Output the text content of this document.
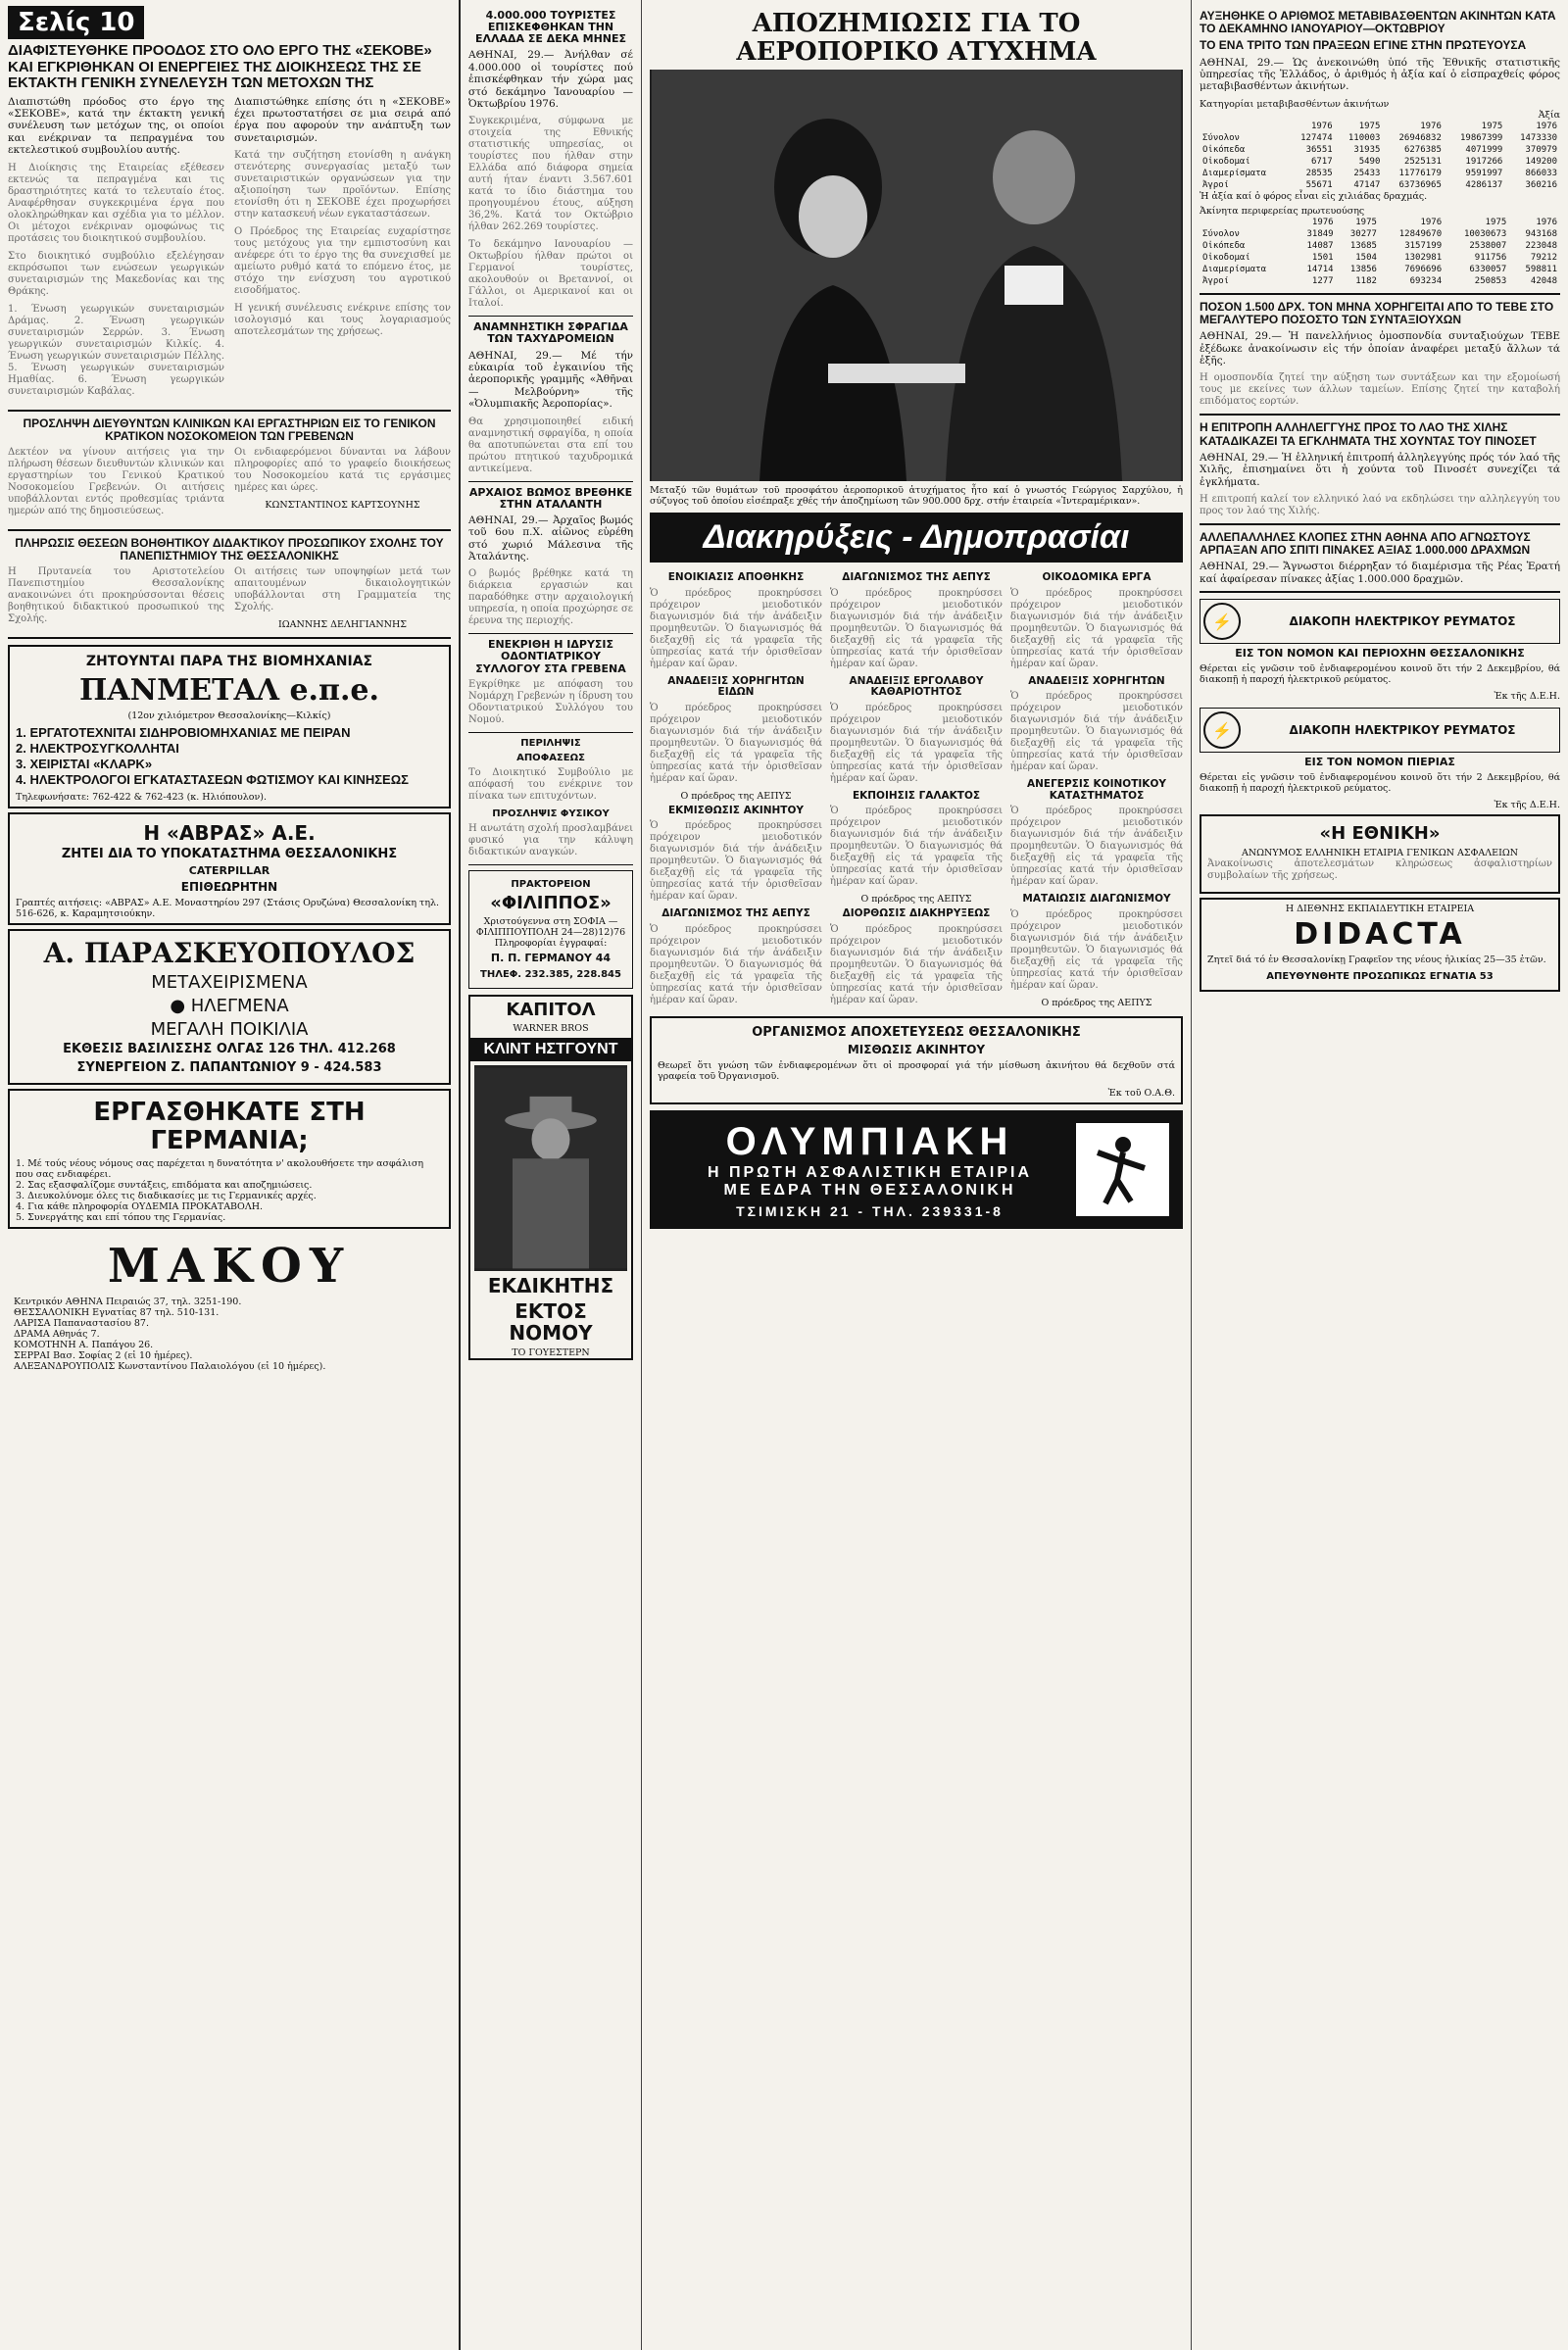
Σελίς 10
ΔΙΑΦΙΣΤΕΥΘΗΚΕ ΠΡΟΟΔΟΣ ΣΤΟ ΟΛΟ ΕΡΓΟ ΤΗΣ «ΣΕΚΟΒΕ» ΚΑΙ ΕΓΚΡΙΘΗΚΑΝ ΟΙ ΕΝΕΡΓΕΙΕΣ ΤΗΣ ΔΙΟΙΚΗΣΕΩΣ ΤΗΣ ΣΕ ΕΚΤΑΚΤΗ ΓΕΝΙΚΗ ΣΥΝΕΛΕΥΣΗ ΤΩΝ ΜΕΤΟΧΩΝ ΤΗΣ

Διαπιστώθη πρόοδος στο έργο της «ΣΕΚΟΒΕ», κατά την έκτακτη γενική συνέλευση των μετόχων της, οι οποίοι και ενέκριναν τα πεπραγμένα του εκτελεστικού συμβουλίου αυτής.

Η Διοίκησις της Εταιρείας εξέθεσεν εκτενώς τα πεπραγμένα και τις δραστηριότητες κατά το τελευταίο έτος. Αναφέρθησαν συγκεκριμένα έργα που ολοκληρώθηκαν και σχέδια για το μέλλον. Οι μέτοχοι ενέκριναν ομοφώνως τις προτάσεις του διοικητικού συμβουλίου.

Στο διοικητικό συμβούλιο εξελέγησαν εκπρόσωποι των ενώσεων γεωργικών συνεταιρισμών της Μακεδονίας και της Θράκης.

1. Ένωση γεωργικών συνεταιρισμών Δράμας. 2. Ένωση γεωργικών συνεταιρισμών Σερρών. 3. Ένωση γεωργικών συνεταιρισμών Κιλκίς. 4. Ένωση γεωργικών συνεταιρισμών Πέλλης. 5. Ένωση γεωργικών συνεταιρισμών Ημαθίας. 6. Ένωση γεωργικών συνεταιρισμών Καβάλας.

Διαπιστώθηκε επίσης ότι η «ΣΕΚΟΒΕ» έχει πρωτοστατήσει σε μια σειρά από έργα που αφορούν την ανάπτυξη των συνεταιρισμών.

Κατά την συζήτηση ετονίσθη η ανάγκη στενότερης συνεργασίας μεταξύ των συνεταιριστικών οργανώσεων για την αξιοποίηση των προϊόντων. Επίσης ετονίσθη ότι η ΣΕΚΟΒΕ έχει προχωρήσει στην κατασκευή νέων εγκαταστάσεων.

Ο Πρόεδρος της Εταιρείας ευχαρίστησε τους μετόχους για την εμπιστοσύνη και ανέφερε ότι το έργο της θα συνεχισθεί με αμείωτο ρυθμό κατά το επόμενο έτος, με στόχο την ενίσχυση του αγροτικού εισοδήματος.

Η γενική συνέλευσις ενέκρινε επίσης τον ισολογισμό και τους λογαριασμούς αποτελεσμάτων της χρήσεως.

ΠΡΟΣΛΗΨΗ ΔΙΕΥΘΥΝΤΩΝ ΚΛΙΝΙΚΩΝ ΚΑΙ ΕΡΓΑΣΤΗΡΙΩΝ ΕΙΣ ΤΟ ΓΕΝΙΚΟΝ ΚΡΑΤΙΚΟΝ ΝΟΣΟΚΟΜΕΙΟΝ ΤΩΝ ΓΡΕΒΕΝΩΝ

Δεκτέον να γίνουν αιτήσεις για την πλήρωση θέσεων διευθυντών κλινικών και εργαστηρίων του Γενικού Κρατικού Νοσοκομείου Γρεβενών. Οι αιτήσεις υποβάλλονται εντός προθεσμίας τριάντα ημερών από της δημοσιεύσεως.

Οι ενδιαφερόμενοι δύνανται να λάβουν πληροφορίες από το γραφείο διοικήσεως του Νοσοκομείου κατά τις εργάσιμες ημέρες και ώρες.

ΚΩΝΣΤΑΝΤΙΝΟΣ ΚΑΡΤΣΟΥΝΗΣ
ΠΛΗΡΩΣΙΣ ΘΕΣΕΩΝ ΒΟΗΘΗΤΙΚΟΥ ΔΙΔΑΚΤΙΚΟΥ ΠΡΟΣΩΠΙΚΟΥ ΣΧΟΛΗΣ ΤΟΥ ΠΑΝΕΠΙΣΤΗΜΙΟΥ ΤΗΣ ΘΕΣΣΑΛΟΝΙΚΗΣ

Η Πρυτανεία του Αριστοτελείου Πανεπιστημίου Θεσσαλονίκης ανακοινώνει ότι προκηρύσσονται θέσεις βοηθητικού διδακτικού προσωπικού της Σχολής.

Οι αιτήσεις των υποψηφίων μετά των απαιτουμένων δικαιολογητικών υποβάλλονται στη Γραμματεία της Σχολής.

ΙΩΑΝΝΗΣ ΔΕΛΗΓΙΑΝΝΗΣ
ΖΗΤΟΥΝΤΑΙ ΠΑΡΑ ΤΗΣ ΒΙΟΜΗΧΑΝΙΑΣ
ΠΑΝΜΕΤΑΛ e.π.e.
(12ον χιλιόμετρον Θεσσαλονίκης—Κιλκίς)
1. ΕΡΓΑΤΟΤΕΧΝΙΤΑΙ ΣΙΔΗΡΟΒΙΟΜΗΧΑΝΙΑΣ ΜΕ ΠΕΙΡΑΝ
2. ΗΛΕΚΤΡΟΣΥΓΚΟΛΛΗΤΑΙ
3. ΧΕΙΡΙΣΤΑΙ «ΚΛΑΡΚ»
4. ΗΛΕΚΤΡΟΛΟΓΟΙ ΕΓΚΑΤΑΣΤΑΣΕΩΝ ΦΩΤΙΣΜΟΥ ΚΑΙ ΚΙΝΗΣΕΩΣ
Τηλεφωνήσατε: 762-422 & 762-423 (κ. Ηλιόπουλον).
Η «ΑΒΡΑΣ» Α.Ε.
ΖΗΤΕΙ ΔΙΑ ΤΟ ΥΠΟΚΑΤΑΣΤΗΜΑ ΘΕΣΣΑΛΟΝΙΚΗΣ
CATERPILLAR
ΕΠΙΘΕΩΡΗΤΗΝ
Γραπτές αιτήσεις: «ΑΒΡΑΣ» Α.Ε. Μοναστηρίου 297 (Στάσις Ορυζώνα) Θεσσαλονίκη τηλ. 516-626, κ. Καραμητσιούκην.
Α. ΠΑΡΑΣΚΕΥΟΠΟΥΛΟΣ
ΜΕΤΑΧΕΙΡΙΣΜΕΝΑ
● ΗΛΕΓΜΕΝΑ
ΜΕΓΑΛΗ ΠΟΙΚΙΛΙΑ
ΕΚΘΕΣΙΣ ΒΑΣΙΛΙΣΣΗΣ ΟΛΓΑΣ 126 ΤΗΛ. 412.268
ΣΥΝΕΡΓΕΙΟΝ Ζ. ΠΑΠΑΝΤΩΝΙΟΥ 9 - 424.583
ΕΡΓΑΣΘΗΚΑΤΕ ΣΤΗ ΓΕΡΜΑΝΙΑ;
1. Μέ τούς νέους νόμους σας παρέχεται η δυνατότητα ν' ακολουθήσετε την ασφάλιση που σας ενδιαφέρει.
2. Σας εξασφαλίζομε συντάξεις, επιδόματα και αποζημιώσεις.
3. Διευκολύνομε όλες τις διαδικασίες με τις Γερμανικές αρχές.
4. Για κάθε πληροφορία ΟΥΔΕΜΙΑ ΠΡΟΚΑΤΑΒΟΛΗ.
5. Συνεργάτης και επί τόπου της Γερμανίας.
ΜΑΚΟΥ
Κεντρικόν ΑΘΗΝΑ Πειραιώς 37, τηλ. 3251-190.
ΘΕΣΣΑΛΟΝΙΚΗ Εγνατίας 87 τηλ. 510-131.
ΛΑΡΙΣΑ Παπαναστασίου 87.
ΔΡΑΜΑ Αθηνάς 7.
ΚΟΜΟΤΗΝΗ Α. Παπάγου 26.
ΣΕΡΡΑΙ Βασ. Σοφίας 2 (εἰ 10 ἡμέρες).
ΑΛΕΞΑΝΔΡΟΥΠΟΛΙΣ Κωνσταντίνου Παλαιολόγου (εἰ 10 ἡμέρες).
4.000.000 ΤΟΥΡΙΣΤΕΣ ΕΠΙΣΚΕΦΘΗΚΑΝ ΤΗΝ ΕΛΛΑΔΑ ΣΕ ΔΕΚΑ ΜΗΝΕΣ

ΑΘΗΝΑΙ, 29.— Ἀνήλθαν σέ 4.000.000 οἱ τουρίστες πού ἐπισκέφθηκαν τήν χώρα μας στό δεκάμηνο Ἰανουαρίου — Ὀκτωβρίου 1976.

Συγκεκριμένα, σύμφωνα με στοιχεία της Εθνικής στατιστικής υπηρεσίας, οι τουρίστες που ήλθαν στην Ελλάδα από διάφορα σημεία αυτή ήταν έναντι 3.567.601 κατά το ίδιο διάστημα του προηγουμένου έτους, αύξηση 36,2%. Κατά τον Οκτώβριο ήλθαν 262.269 τουρίστες.

Το δεκάμηνο Ιανουαρίου — Οκτωβρίου ήλθαν πρώτοι οι Γερμανοί τουρίστες, ακολουθούν οι Βρεταννοί, οι Γάλλοι, οι Αμερικανοί και οι Ιταλοί.

ΑΝΑΜΝΗΣΤΙΚΗ ΣΦΡΑΓΙΔΑ ΤΩΝ ΤΑΧΥΔΡΟΜΕΙΩΝ

ΑΘΗΝΑΙ, 29.— Μέ τήν εὐκαιρία τοῦ ἐγκαινίου τῆς ἀεροπορικῆς γραμμῆς «Ἀθῆναι — Μελβούρνη» τῆς «Ὀλυμπιακῆς Ἀεροπορίας».

Θα χρησιμοποιηθεί ειδική αναμνηστική σφραγίδα, η οποία θα αποτυπώνεται στα επί του πρώτου πτητικού ταχυδρομικά αντικείμενα.

ΑΡΧΑΙΟΣ ΒΩΜΟΣ ΒΡΕΘΗΚΕ ΣΤΗΝ ΑΤΑΛΑΝΤΗ

ΑΘΗΝΑΙ, 29.— Ἀρχαῖος βωμός τοῦ 6ου π.Χ. αἰῶνος εὑρέθη στό χωριό Μάλεσινα τῆς Ἀταλάντης.

Ο βωμός βρέθηκε κατά τη διάρκεια εργασιών και παραδόθηκε στην αρχαιολογική υπηρεσία, η οποία προχώρησε σε έρευνα της περιοχής.

ΕΝΕΚΡΙΘΗ Η ΙΔΡΥΣΙΣ ΟΔΟΝΤΙΑΤΡΙΚΟΥ ΣΥΛΛΟΓΟΥ ΣΤΑ ΓΡΕΒΕΝΑ

Εγκρίθηκε με απόφαση του Νομάρχη Γρεβενών η ίδρυση του Οδοντιατρικού Συλλόγου του Νομού.

ΠΕΡΙΛΗΨΙΣ
ΑΠΟΦΑΣΕΩΣ

Το Διοικητικό Συμβούλιο με απόφασή του ενέκρινε τον πίνακα των επιτυχόντων.

ΠΡΟΣΛΗΨΙΣ ΦΥΣΙΚΟΥ

Η ανωτάτη σχολή προσλαμβάνει φυσικό για την κάλυψη διδακτικών αναγκών.

ΠΡΑΚΤΟΡΕΙΟΝ
«ΦΙΛΙΠΠΟΣ»
Χριστούγεννα στη ΣΟΦΙΑ — ΦΙΛΙΠΠΟΥΠΟΛΗ 24—28)12)76
Πληροφορίαι ἐγγραφαί:
Π. Π. ΓΕΡΜΑΝΟΥ 44
ΤΗΛΕΦ. 232.385, 228.845
ΚΑΠΙΤΟΛ
WARNER BROS
ΚΛΙΝΤ ΗΣΤΓΟΥΝΤ
ΕΚΔΙΚΗΤΗΣ
ΕΚΤΟΣ ΝΟΜΟΥ
ΤΟ ΓΟΥΕΣΤΕΡΝ
ΑΠΟΖΗΜΙΩΣΙΣ ΓΙΑ ΤΟ ΑΕΡΟΠΟΡΙΚΟ ΑΤΥΧΗΜΑ

Μεταξύ τῶν θυμάτων τοῦ προσφάτου ἀεροπορικοῦ ἀτυχήματος ἦτο καί ὁ γνωστός Γεώργιος Σαρχύλου, ἡ σύζυγος τοῦ ὁποίου εἰσέπραξε χθές τήν ἀποζημίωση τῶν 900.000 δρχ. στήν ἑταιρεία «Ἰντεραμέρικαν».

Διακηρύξεις - Δημοπρασίαι
ΕΝΟΙΚΙΑΣΙΣ ΑΠΟΘΗΚΗΣ

Ὁ πρόεδρος προκηρύσσει πρόχειρον μειοδοτικόν διαγωνισμόν διά τήν ἀνάδειξιν προμηθευτῶν. Ὁ διαγωνισμός θά διεξαχθῇ εἰς τά γραφεῖα τῆς ὑπηρεσίας κατά τήν ὁρισθεῖσαν ἡμέραν καί ὥραν.

ΑΝΑΔΕΙΞΙΣ ΧΟΡΗΓΗΤΩΝ ΕΙΔΩΝ

Ὁ πρόεδρος προκηρύσσει πρόχειρον μειοδοτικόν διαγωνισμόν διά τήν ἀνάδειξιν προμηθευτῶν. Ὁ διαγωνισμός θά διεξαχθῇ εἰς τά γραφεῖα τῆς ὑπηρεσίας κατά τήν ὁρισθεῖσαν ἡμέραν καί ὥραν.

Ο πρόεδρος της ΑΕΠΥΣ
ΕΚΜΙΣΘΩΣΙΣ ΑΚΙΝΗΤΟΥ

Ὁ πρόεδρος προκηρύσσει πρόχειρον μειοδοτικόν διαγωνισμόν διά τήν ἀνάδειξιν προμηθευτῶν. Ὁ διαγωνισμός θά διεξαχθῇ εἰς τά γραφεῖα τῆς ὑπηρεσίας κατά τήν ὁρισθεῖσαν ἡμέραν καί ὥραν.

ΔΙΑΓΩΝΙΣΜΟΣ ΤΗΣ ΑΕΠΥΣ

Ὁ πρόεδρος προκηρύσσει πρόχειρον μειοδοτικόν διαγωνισμόν διά τήν ἀνάδειξιν προμηθευτῶν. Ὁ διαγωνισμός θά διεξαχθῇ εἰς τά γραφεῖα τῆς ὑπηρεσίας κατά τήν ὁρισθεῖσαν ἡμέραν καί ὥραν.

ΔΙΑΓΩΝΙΣΜΟΣ ΤΗΣ ΑΕΠΥΣ

Ὁ πρόεδρος προκηρύσσει πρόχειρον μειοδοτικόν διαγωνισμόν διά τήν ἀνάδειξιν προμηθευτῶν. Ὁ διαγωνισμός θά διεξαχθῇ εἰς τά γραφεῖα τῆς ὑπηρεσίας κατά τήν ὁρισθεῖσαν ἡμέραν καί ὥραν.

ΑΝΑΔΕΙΞΙΣ ΕΡΓΟΛΑΒΟΥ ΚΑΘΑΡΙΟΤΗΤΟΣ

Ὁ πρόεδρος προκηρύσσει πρόχειρον μειοδοτικόν διαγωνισμόν διά τήν ἀνάδειξιν προμηθευτῶν. Ὁ διαγωνισμός θά διεξαχθῇ εἰς τά γραφεῖα τῆς ὑπηρεσίας κατά τήν ὁρισθεῖσαν ἡμέραν καί ὥραν.

ΕΚΠΟΙΗΣΙΣ ΓΑΛΑΚΤΟΣ

Ὁ πρόεδρος προκηρύσσει πρόχειρον μειοδοτικόν διαγωνισμόν διά τήν ἀνάδειξιν προμηθευτῶν. Ὁ διαγωνισμός θά διεξαχθῇ εἰς τά γραφεῖα τῆς ὑπηρεσίας κατά τήν ὁρισθεῖσαν ἡμέραν καί ὥραν.

Ο πρόεδρος της ΑΕΠΥΣ
ΔΙΟΡΘΩΣΙΣ ΔΙΑΚΗΡΥΞΕΩΣ

Ὁ πρόεδρος προκηρύσσει πρόχειρον μειοδοτικόν διαγωνισμόν διά τήν ἀνάδειξιν προμηθευτῶν. Ὁ διαγωνισμός θά διεξαχθῇ εἰς τά γραφεῖα τῆς ὑπηρεσίας κατά τήν ὁρισθεῖσαν ἡμέραν καί ὥραν.

ΟΙΚΟΔΟΜΙΚΑ ΕΡΓΑ

Ὁ πρόεδρος προκηρύσσει πρόχειρον μειοδοτικόν διαγωνισμόν διά τήν ἀνάδειξιν προμηθευτῶν. Ὁ διαγωνισμός θά διεξαχθῇ εἰς τά γραφεῖα τῆς ὑπηρεσίας κατά τήν ὁρισθεῖσαν ἡμέραν καί ὥραν.

ΑΝΑΔΕΙΞΙΣ ΧΟΡΗΓΗΤΩΝ

Ὁ πρόεδρος προκηρύσσει πρόχειρον μειοδοτικόν διαγωνισμόν διά τήν ἀνάδειξιν προμηθευτῶν. Ὁ διαγωνισμός θά διεξαχθῇ εἰς τά γραφεῖα τῆς ὑπηρεσίας κατά τήν ὁρισθεῖσαν ἡμέραν καί ὥραν.

ΑΝΕΓΕΡΣΙΣ ΚΟΙΝΟΤΙΚΟΥ ΚΑΤΑΣΤΗΜΑΤΟΣ

Ὁ πρόεδρος προκηρύσσει πρόχειρον μειοδοτικόν διαγωνισμόν διά τήν ἀνάδειξιν προμηθευτῶν. Ὁ διαγωνισμός θά διεξαχθῇ εἰς τά γραφεῖα τῆς ὑπηρεσίας κατά τήν ὁρισθεῖσαν ἡμέραν καί ὥραν.

ΜΑΤΑΙΩΣΙΣ ΔΙΑΓΩΝΙΣΜΟΥ

Ὁ πρόεδρος προκηρύσσει πρόχειρον μειοδοτικόν διαγωνισμόν διά τήν ἀνάδειξιν προμηθευτῶν. Ὁ διαγωνισμός θά διεξαχθῇ εἰς τά γραφεῖα τῆς ὑπηρεσίας κατά τήν ὁρισθεῖσαν ἡμέραν καί ὥραν.

Ο πρόεδρος της ΑΕΠΥΣ
ΟΡΓΑΝΙΣΜΟΣ ΑΠΟΧΕΤΕΥΣΕΩΣ ΘΕΣΣΑΛΟΝΙΚΗΣ
ΜΙΣΘΩΣΙΣ ΑΚΙΝΗΤΟΥ

Θεωρεῖ ὅτι γνώση τῶν ἐνδιαφερομένων ὅτι οἱ προσφοραί γιά τήν μίσθωση ἀκινήτου θά δεχθοῦν στά γραφεία τοῦ Ὀργανισμοῦ.

Ἐκ τοῦ Ο.Α.Θ.
ΟΛΥΜΠΙΑΚΗ
Η ΠΡΩΤΗ ΑΣΦΑΛΙΣΤΙΚΗ ΕΤΑΙΡΙΑ
ΜΕ ΕΔΡΑ ΤΗΝ ΘΕΣΣΑΛΟΝΙΚΗ
ΤΣΙΜΙΣΚΗ 21 - ΤΗΛ. 239331-8
ΑΥΞΗΘΗΚΕ Ο ΑΡΙΘΜΟΣ ΜΕΤΑΒΙΒΑΣΘΕΝΤΩΝ ΑΚΙΝΗΤΩΝ ΚΑΤΑ ΤΟ ΔΕΚΑΜΗΝΟ ΙΑΝΟΥΑΡΙΟΥ—ΟΚΤΩΒΡΙΟΥ
ΤΟ ΕΝΑ ΤΡΙΤΟ ΤΩΝ ΠΡΑΞΕΩΝ ΕΓΙΝΕ ΣΤΗΝ ΠΡΩΤΕΥΟΥΣΑ

ΑΘΗΝΑΙ, 29.— Ὡς ἀνεκοινώθη ὑπό τῆς Ἐθνικῆς στατιστικῆς ὑπηρεσίας τῆς Ἑλλάδος, ὁ ἀριθμός ἡ ἀξία καί ὁ εἰσπραχθείς φόρος μεταβιβασθέντων ἀκινήτων.

Κατηγορίαι μεταβιβασθέντων ἀκινήτων
Ἀξία
	1976	1975	1976	1975	1976
Σύνολον	127474	110003	26946832	19867399	1473330
Οἰκόπεδα	36551	31935	6276385	4071999	370979
Οἰκοδομαί	6717	5490	2525131	1917266	149200
Διαμερίσματα	28535	25433	11776179	9591997	866033
Ἀγροί	55671	47147	63736965	4286137	360216
Ἡ ἀξία καί ὁ φόρος εἶναι εἰς χιλιάδας δραχμάς.
Ἀκίνητα περιφερείας πρωτευούσης
	1976	1975	1976	1975	1976
Σύνολον	31849	30277	12849670	10030673	943168
Οἰκόπεδα	14087	13685	3157199	2538007	223048
Οἰκοδομαί	1501	1504	1302981	911756	79212
Διαμερίσματα	14714	13856	7696696	6330057	598811
Ἀγροί	1277	1182	693234	250853	42048
ΠΟΣΟΝ 1.500 ΔΡΧ. ΤΟΝ ΜΗΝΑ ΧΟΡΗΓΕΙΤΑΙ ΑΠΟ ΤΟ ΤΕΒΕ ΣΤΟ ΜΕΓΑΛΥΤΕΡΟ ΠΟΣΟΣΤΟ ΤΩΝ ΣΥΝΤΑΞΙΟΥΧΩΝ

ΑΘΗΝΑΙ, 29.— Ἡ πανελλήνιος ὁμοσπονδία συνταξιούχων ΤΕΒΕ ἐξέδωκε ἀνακοίνωσιν εἰς τήν ὁποίαν ἀναφέρει μεταξύ ἄλλων τά ἑξῆς.

Η ομοσπονδία ζητεί την αύξηση των συντάξεων και την εξομοίωσή τους με εκείνες των άλλων ταμείων. Επίσης ζητεί την καταβολή επιδόματος εορτών.

Η ΕΠΙΤΡΟΠΗ ΑΛΛΗΛΕΓΓΥΗΣ ΠΡΟΣ ΤΟ ΛΑΟ ΤΗΣ ΧΙΛΗΣ ΚΑΤΑΔΙΚΑΖΕΙ ΤΑ ΕΓΚΛΗΜΑΤΑ ΤΗΣ ΧΟΥΝΤΑΣ ΤΟΥ ΠΙΝΟΣΕΤ

ΑΘΗΝΑΙ, 29.— Ἡ ἑλληνική ἐπιτροπή ἀλληλεγγύης πρός τόν λαό τῆς Χιλῆς, ἐπισημαίνει ὅτι ἡ χούντα τοῦ Πινοσέτ συνεχίζει τά ἐγκλήματα.

Η επιτροπή καλεί τον ελληνικό λαό να εκδηλώσει την αλληλεγγύη του προς τον λαό της Χιλής.

ΑΛΛΕΠΑΛΛΗΛΕΣ ΚΛΟΠΕΣ ΣΤΗΝ ΑΘΗΝΑ ΑΠΟ ΑΓΝΩΣΤΟΥΣ ΑΡΠΑΞΑΝ ΑΠΟ ΣΠΙΤΙ ΠΙΝΑΚΕΣ ΑΞΙΑΣ 1.000.000 ΔΡΑΧΜΩΝ

ΑΘΗΝΑΙ, 29.— Ἄγνωστοι διέρρηξαν τό διαμέρισμα τῆς Ρέας Ἑρατή καί ἀφαίρεσαν πίνακες ἀξίας 1.000.000 δραχμῶν.

⚡	ΔΙΑΚΟΠΗ ΗΛΕΚΤΡΙΚΟΥ ΡΕΥΜΑΤΟΣ
ΕΙΣ ΤΟΝ ΝΟΜΟΝ ΚΑΙ ΠΕΡΙΟΧΗΝ ΘΕΣΣΑΛΟΝΙΚΗΣ

Θέρεται εἰς γνῶσιν τοῦ ἐνδιαφερομένου κοινοῦ ὅτι τήν 2 Δεκεμβρίου, θά διακοπῇ ἡ παροχή ἠλεκτρικοῦ ρεύματος.

Ἐκ τῆς Δ.Ε.Η.
⚡	ΔΙΑΚΟΠΗ ΗΛΕΚΤΡΙΚΟΥ ΡΕΥΜΑΤΟΣ
ΕΙΣ ΤΟΝ ΝΟΜΟΝ ΠΙΕΡΙΑΣ

Θέρεται εἰς γνῶσιν τοῦ ἐνδιαφερομένου κοινοῦ ὅτι τήν 2 Δεκεμβρίου, θά διακοπῇ ἡ παροχή ἠλεκτρικοῦ ρεύματος.

Ἐκ τῆς Δ.Ε.Η.
«Η ΕΘΝΙΚΗ»
ΑΝΩΝΥΜΟΣ ΕΛΛΗΝΙΚΗ ΕΤΑΙΡΙΑ ΓΕΝΙΚΩΝ ΑΣΦΑΛΕΙΩΝ

Ἀνακοίνωσις ἀποτελεσμάτων κληρώσεως ἀσφαλιστηρίων συμβολαίων τῆς χρήσεως.

Η ΔΙΕΘΝΗΣ ΕΚΠΑΙΔΕΥΤΙΚΗ ΕΤΑΙΡΕΙΑ
DIDACTA

Ζητεῖ διά τό ἐν Θεσσαλονίκῃ Γραφεῖον της νέους ἡλικίας 25—35 ἐτῶν.

ΑΠΕΥΘΥΝΘΗΤΕ ΠΡΟΣΩΠΙΚΩΣ ΕΓΝΑΤΙΑ 53
